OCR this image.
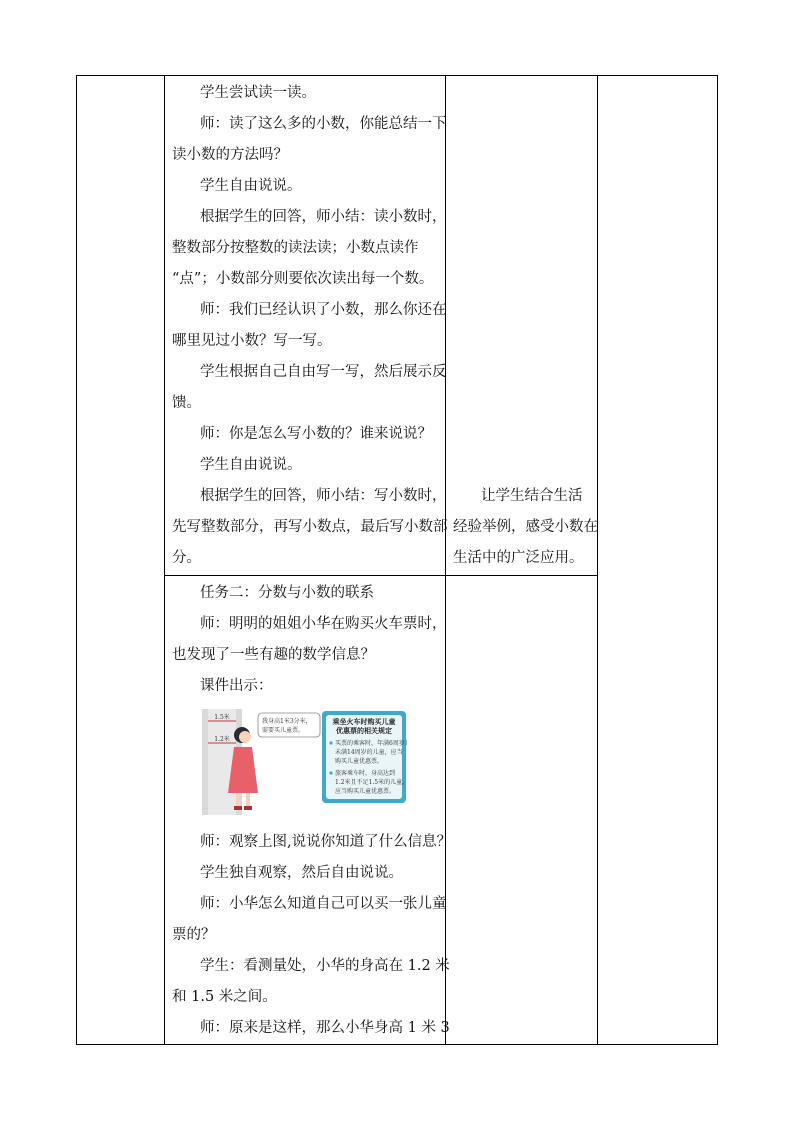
学生尝试读一读。
师：读了这么多的小数，你能总结一下
读小数的方法吗？
学生自由说说。
根据学生的回答，师小结：读小数时，
整数部分按整数的读法读；小数点读作
“点”；小数部分则要依次读出每一个数。
师：我们已经认识了小数，那么你还在
哪里见过小数？写一写。
学生根据自己自由写一写，然后展示反
馈。
师：你是怎么写小数的？谁来说说？
学生自由说说。
根据学生的回答，师小结：写小数时，
先写整数部分，再写小数点，最后写小数部
分。
让学生结合生活
经验举例，感受小数在
生活中的广泛应用。
任务二：分数与小数的联系
师：明明的姐姐小华在购买火车票时，
也发现了一些有趣的数学信息？
课件出示：
师：观察上图,说说你知道了什么信息？
学生独自观察，然后自由说说。
师：小华怎么知道自己可以买一张儿童
票的？
学生：看测量处，小华的身高在 1.2 米
和 1.5 米之间。
师：原来是这样，那么小华身高 1 米 3
1.5米
1.2米
我身高1米3分米，
需要买儿童票。
乘坐火车时购买儿童
优惠票的相关规定
买票的乘客时，年满6周岁且
未满14周岁的儿童，应当
购买儿童优惠票。
旅客乘车时，身高达到
1.2米且不足1.5米的儿童，
应当购买儿童优惠票。
